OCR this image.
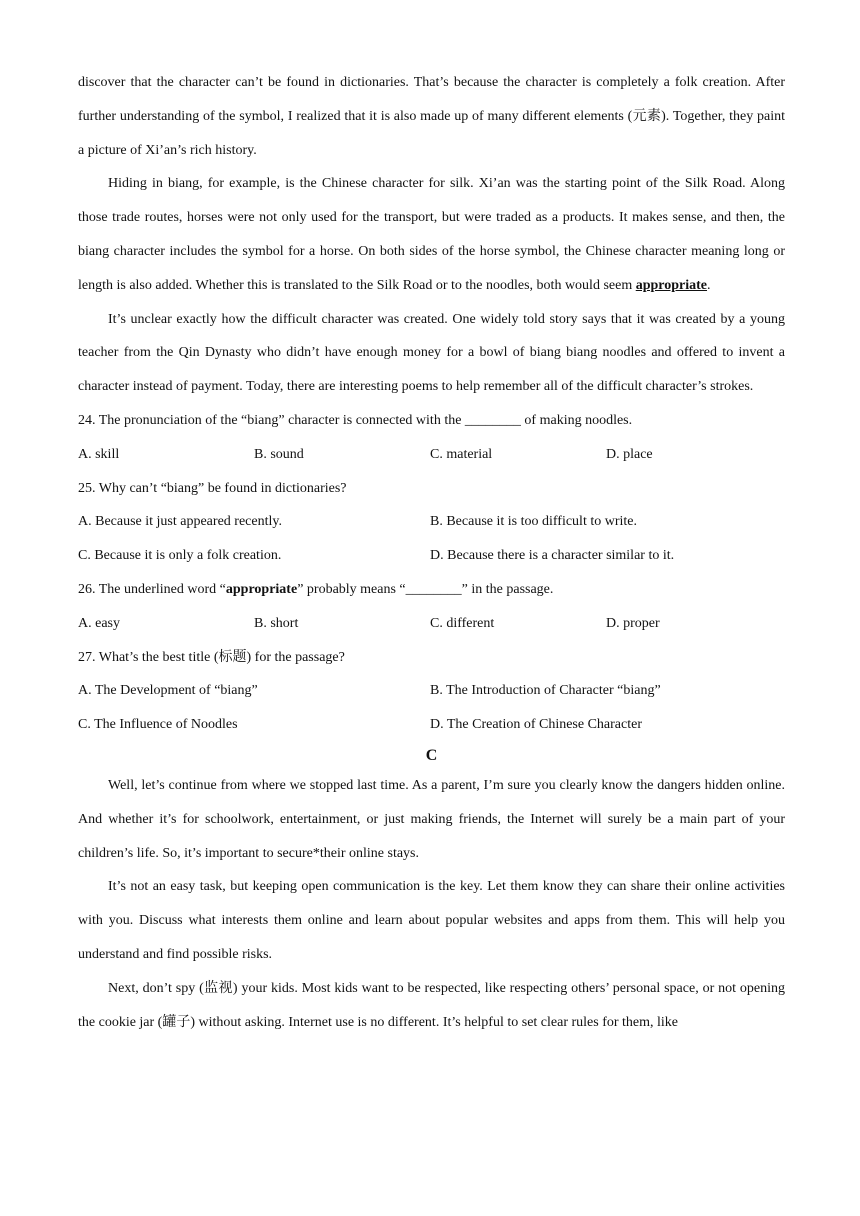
discover that the character can’t be found in dictionaries. That’s because the character is completely a folk creation. After further understanding of the symbol, I realized that it is also made up of many different elements (元素). Together, they paint a picture of Xi’an’s rich history.

Hiding in biang, for example, is the Chinese character for silk. Xi’an was the starting point of the Silk Road. Along those trade routes, horses were not only used for the transport, but were traded as a products. It makes sense, and then, the biang character includes the symbol for a horse. On both sides of the horse symbol, the Chinese character meaning long or length is also added. Whether this is translated to the Silk Road or to the noodles, both would seem appropriate.

It’s unclear exactly how the difficult character was created. One widely told story says that it was created by a young teacher from the Qin Dynasty who didn’t have enough money for a bowl of biang biang noodles and offered to invent a character instead of payment. Today, there are interesting poems to help remember all of the difficult character’s strokes.

24. The pronunciation of the “biang” character is connected with the ________ of making noodles.
A. skill	B. sound	C. material	D. place
25. Why can’t “biang” be found in dictionaries?
A. Because it just appeared recently.	B. Because it is too difficult to write.
C. Because it is only a folk creation.	D. Because there is a character similar to it.
26. The underlined word “appropriate” probably means “________” in the passage.
A. easy	B. short	C. different	D. proper
27. What’s the best title (标题) for the passage?
A. The Development of “biang”	B. The Introduction of Character “biang”
C. The Influence of Noodles	D. The Creation of Chinese Character
C

Well, let’s continue from where we stopped last time. As a parent, I’m sure you clearly know the dangers hidden online. And whether it’s for schoolwork, entertainment, or just making friends, the Internet will surely be a main part of your children’s life. So, it’s important to secure*their online stays.

It’s not an easy task, but keeping open communication is the key. Let them know they can share their online activities with you. Discuss what interests them online and learn about popular websites and apps from them. This will help you understand and find possible risks.

Next, don’t spy (监视) your kids. Most kids want to be respected, like respecting others’ personal space, or not opening the cookie jar (罐子) without asking. Internet use is no different. It’s helpful to set clear rules for them, like
